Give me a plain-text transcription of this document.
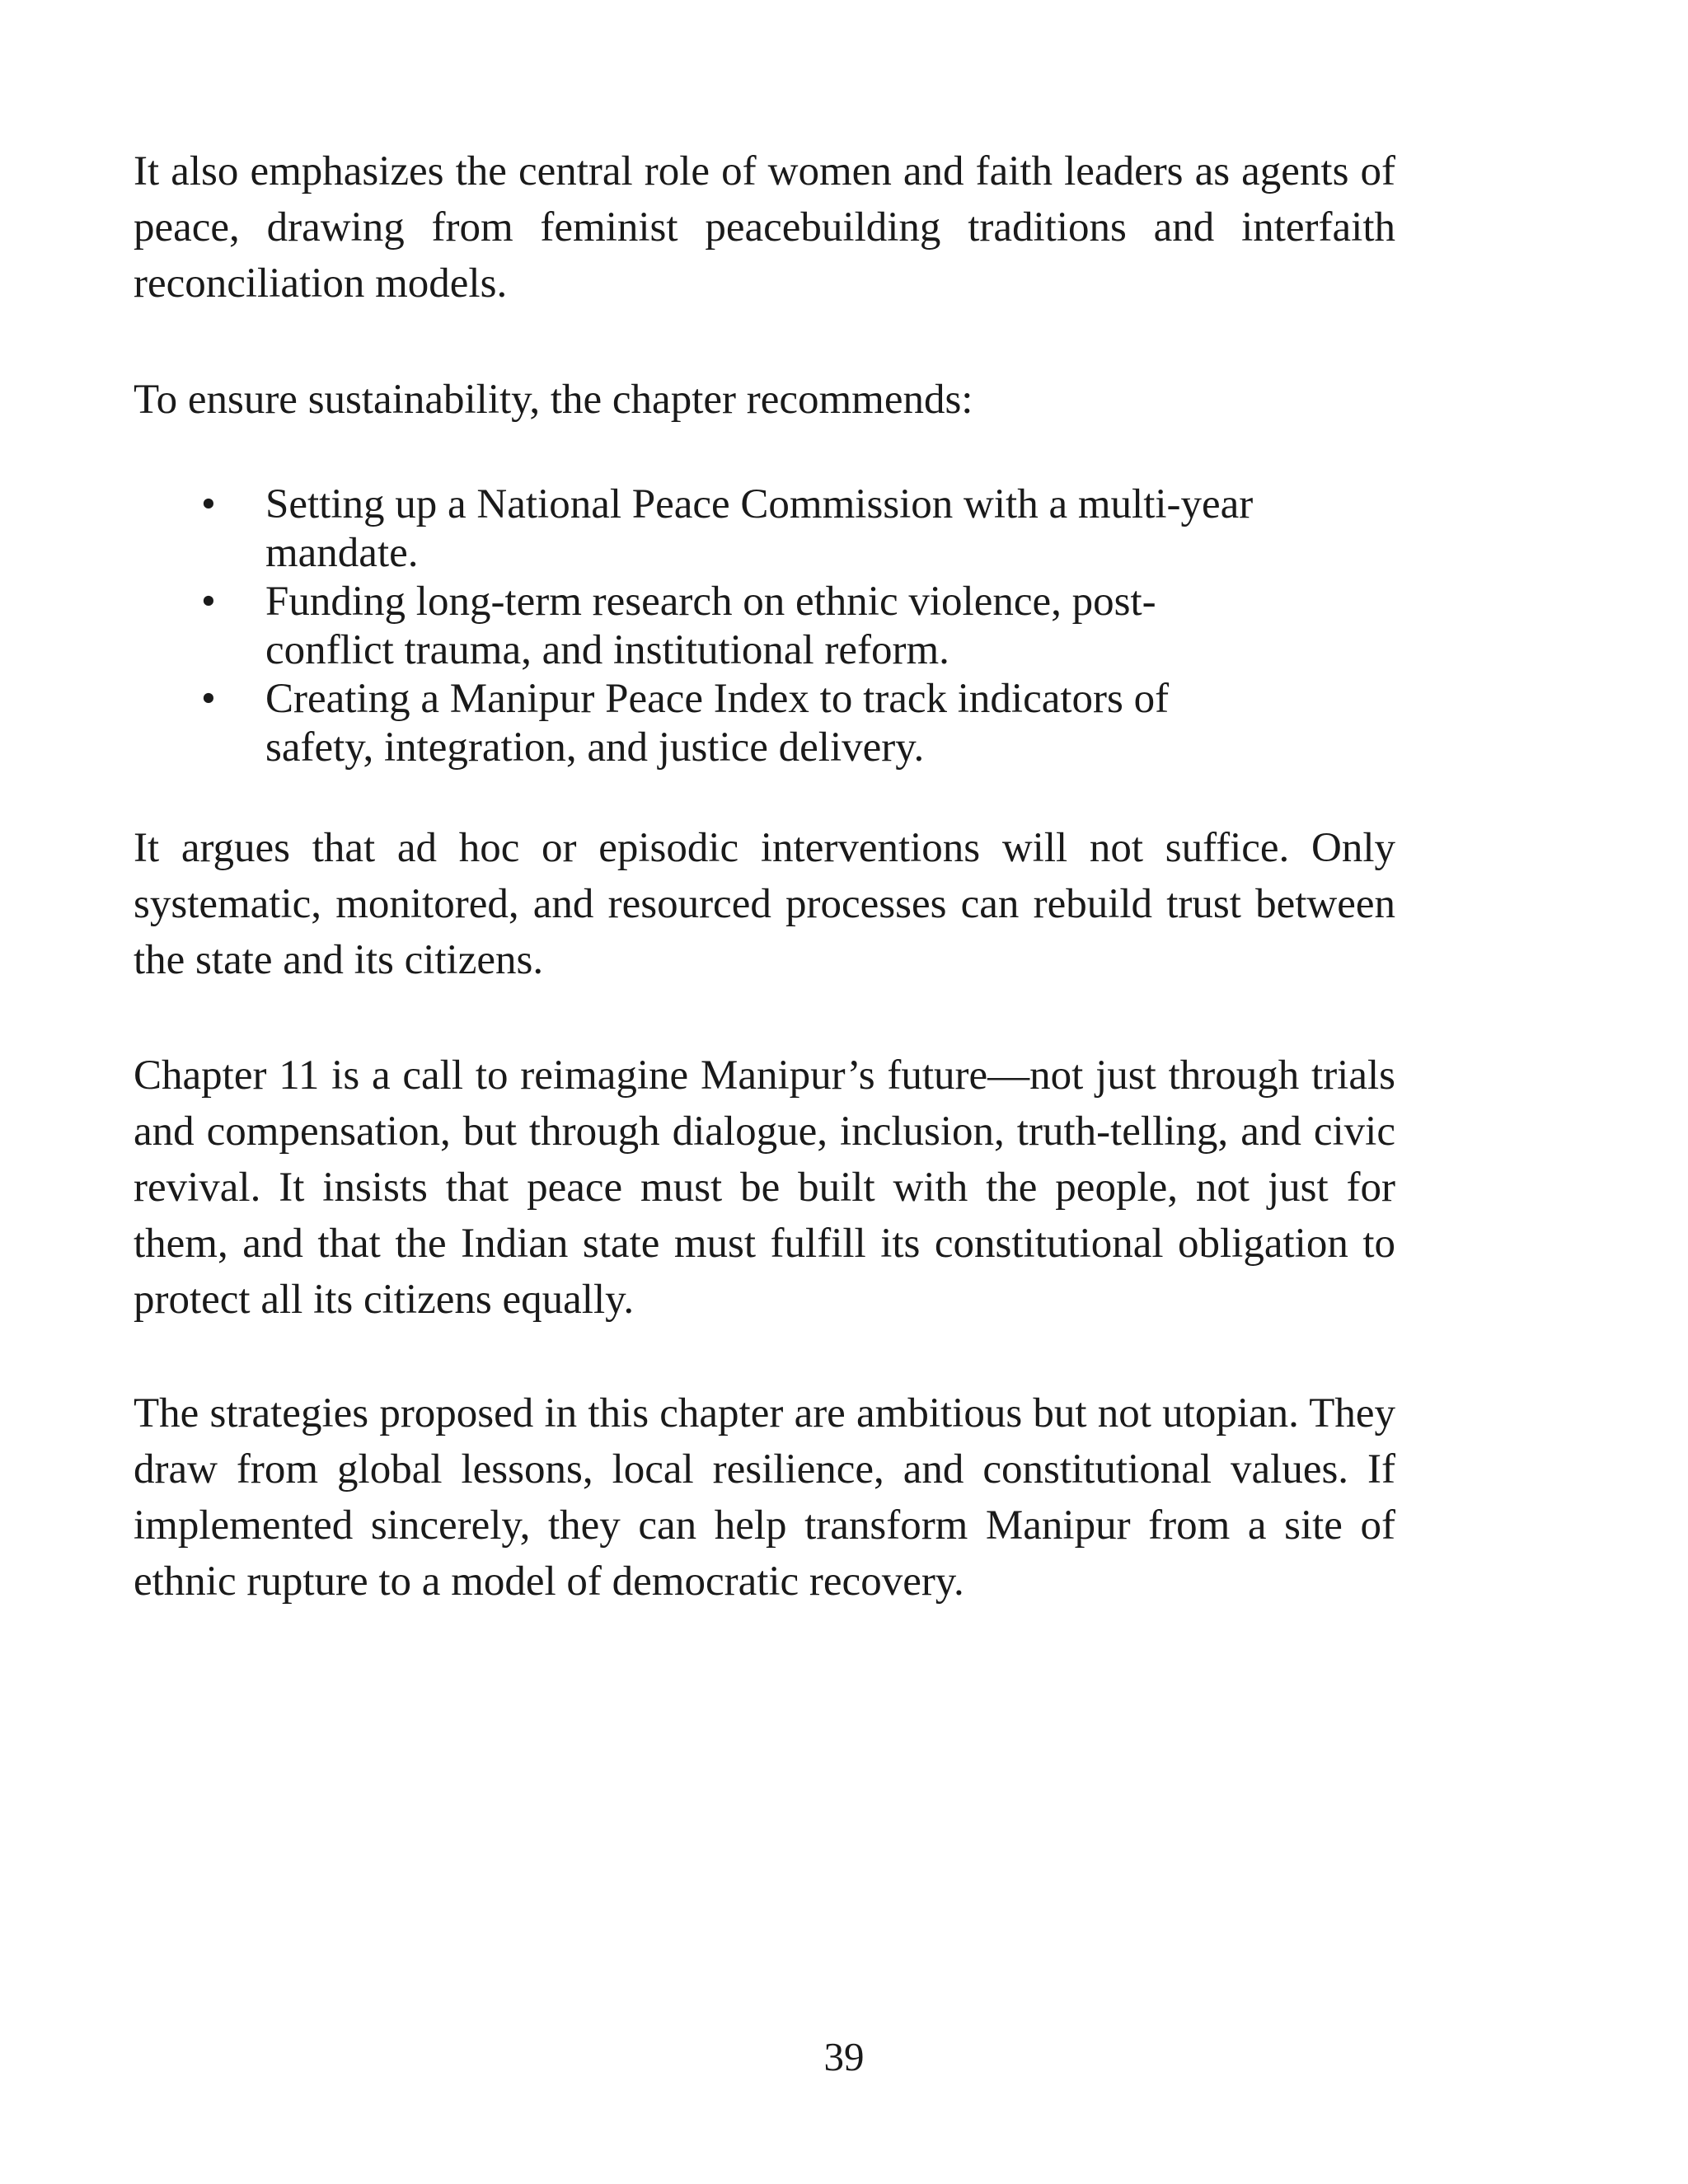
It also emphasizes the central role of women and faith leaders as agents of peace, drawing from feminist peacebuilding traditions and interfaith reconciliation models.

To ensure sustainability, the chapter recommends:

•	Setting up a National Peace Commission with a multi-year mandate.
•	Funding long-term research on ethnic violence, post-conflict trauma, and institutional reform.
•	Creating a Manipur Peace Index to track indicators of safety, integration, and justice delivery.

It argues that ad hoc or episodic interventions will not suffice. Only systematic, monitored, and resourced processes can rebuild trust between the state and its citizens.

Chapter 11 is a call to reimagine Manipur’s future—not just through trials and compensation, but through dialogue, inclusion, truth-telling, and civic revival. It insists that peace must be built with the people, not just for them, and that the Indian state must fulfill its constitutional obligation to protect all its citizens equally.

The strategies proposed in this chapter are ambitious but not utopian. They draw from global lessons, local resilience, and constitutional values. If implemented sincerely, they can help transform Manipur from a site of ethnic rupture to a model of democratic recovery.

39
